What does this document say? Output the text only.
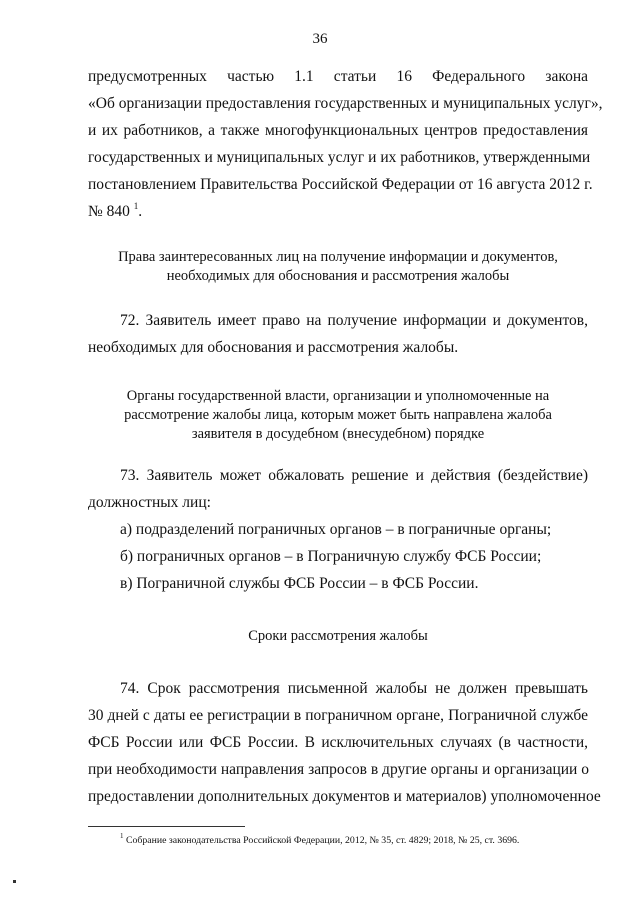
36
предусмотренных частью 1.1 статьи 16 Федерального закона
«Об организации предоставления государственных и муниципальных услуг»,
и их работников, а также многофункциональных центров предоставления
государственных и муниципальных услуг и их работников, утвержденными
постановлением Правительства Российской Федерации от 16 августа 2012 г.
№ 840 $^1$.
Права заинтересованных лиц на получение информации и документов,
необходимых для обоснования и рассмотрения жалобы
72. Заявитель имеет право на получение информации и документов,
необходимых для обоснования и рассмотрения жалобы.
Органы государственной власти, организации и уполномоченные на
рассмотрение жалобы лица, которым может быть направлена жалоба
заявителя в досудебном (внесудебном) порядке
73. Заявитель может обжаловать решение и действия (бездействие)
должностных лиц:
а) подразделений пограничных органов – в пограничные органы;
б) пограничных органов – в Пограничную службу ФСБ России;
в) Пограничной службы ФСБ России – в ФСБ России.
Сроки рассмотрения жалобы
74. Срок рассмотрения письменной жалобы не должен превышать
30 дней с даты ее регистрации в пограничном органе, Пограничной службе
ФСБ России или ФСБ России. В исключительных случаях (в частности,
при необходимости направления запросов в другие органы и организации о
предоставлении дополнительных документов и материалов) уполномоченное
$^1$ Собрание законодательства Российской Федерации, 2012, № 35, ст. 4829; 2018, № 25, ст. 3696.
